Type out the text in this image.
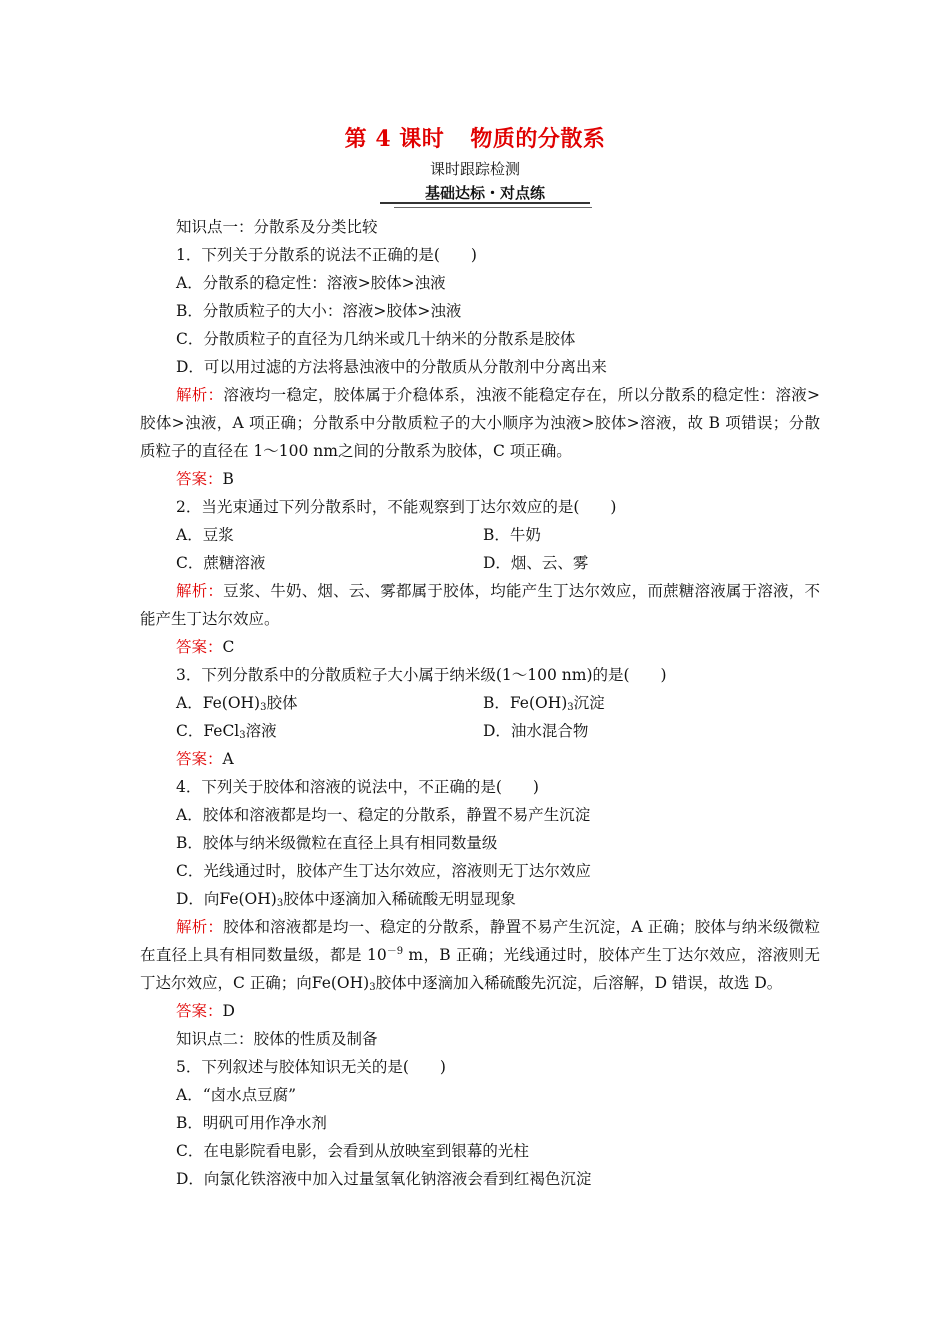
第 4 课时 物质的分散系
课时跟踪检测
基础达标・对点练
知识点一：分散系及分类比较
1．下列关于分散系的说法不正确的是(　　)
A．分散系的稳定性：溶液>胶体>浊液
B．分散质粒子的大小：溶液>胶体>浊液
C．分散质粒子的直径为几纳米或几十纳米的分散系是胶体
D．可以用过滤的方法将悬浊液中的分散质从分散剂中分离出来
解析：溶液均一稳定，胶体属于介稳体系，浊液不能稳定存在，所以分散系的稳定性：溶液>胶体>浊液，A 项正确；分散系中分散质粒子的大小顺序为浊液>胶体>溶液，故 B 项错误；分散质粒子的直径在 1～100 nm之间的分散系为胶体，C 项正确。
答案：B
2．当光束通过下列分散系时，不能观察到丁达尔效应的是(　　)
A．豆浆	B．牛奶
C．蔗糖溶液	D．烟、云、雾
解析：豆浆、牛奶、烟、云、雾都属于胶体，均能产生丁达尔效应，而蔗糖溶液属于溶液，不能产生丁达尔效应。
答案：C
3．下列分散系中的分散质粒子大小属于纳米级(1～100 nm)的是(　　)
A．$Fe(OH)_3$胶体	B．$Fe(OH)_3$沉淀
C．FeCl$_3$溶液	D．油水混合物
答案：A
4．下列关于胶体和溶液的说法中，不正确的是(　　)
A．胶体和溶液都是均一、稳定的分散系，静置不易产生沉淀
B．胶体与纳米级微粒在直径上具有相同数量级
C．光线通过时，胶体产生丁达尔效应，溶液则无丁达尔效应
D．向$Fe(OH)_3$胶体中逐滴加入稀硫酸无明显现象
解析：胶体和溶液都是均一、稳定的分散系，静置不易产生沉淀，A 正确；胶体与纳米级微粒在直径上具有相同数量级，都是 $10^{-9}$ m，B 正确；光线通过时，胶体产生丁达尔效应，溶液则无丁达尔效应，C 正确；向$Fe(OH)_3$胶体中逐滴加入稀硫酸先沉淀，后溶解，D 错误，故选 D。
答案：D
知识点二：胶体的性质及制备
5．下列叙述与胶体知识无关的是(　　)
A．“卤水点豆腐”
B．明矾可用作净水剂
C．在电影院看电影，会看到从放映室到银幕的光柱
D．向氯化铁溶液中加入过量氢氧化钠溶液会看到红褐色沉淀
